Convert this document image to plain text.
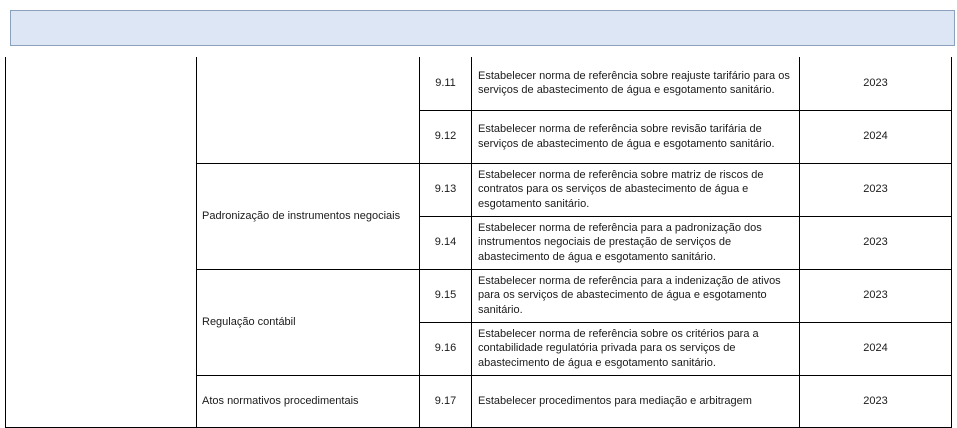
		9.11	Estabelecer norma de referência sobre reajuste tarifário para os serviços de abastecimento de água e esgotamento sanitário.	2023
		9.12	Estabelecer norma de referência sobre revisão tarifária de serviços de abastecimento de água e esgotamento sanitário.	2024
	Padronização de instrumentos negociais	9.13	Estabelecer norma de referência sobre matriz de riscos de contratos para os serviços de abastecimento de água e esgotamento sanitário.	2023
		9.14	Estabelecer norma de referência para a padronização dos instrumentos negociais de prestação de serviços de abastecimento de água e esgotamento sanitário.	2023
	Regulação contábil	9.15	Estabelecer norma de referência para a indenização de ativos para os serviços de abastecimento de água e esgotamento sanitário.	2023
		9.16	Estabelecer norma de referência sobre os critérios para a contabilidade regulatória privada para os serviços de abastecimento de água e esgotamento sanitário.	2024
	Atos normativos procedimentais	9.17	Estabelecer procedimentos para mediação e arbitragem	2023
